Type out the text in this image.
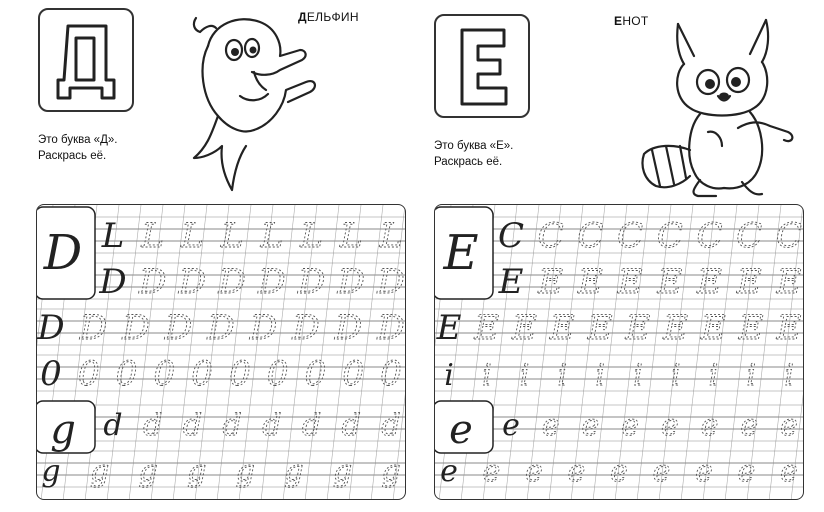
ДЕЛЬФИН
Это буква «Д».
Раскрась её.
D
g
L L L L L L L L
D D D D D D D D
D D D D D D D D D
0 0 0 0 0 0 0 0 0 0
d d d d d d d d
g g g g g g g g
ЕНОТ
Это буква «Е».
Раскрась её.
E
e
C C C C C C C C
E E E E E E E E
E E E E E E E E E E
i i i i i i i i i i
e e e e e e e e
e e e e e e e e e
